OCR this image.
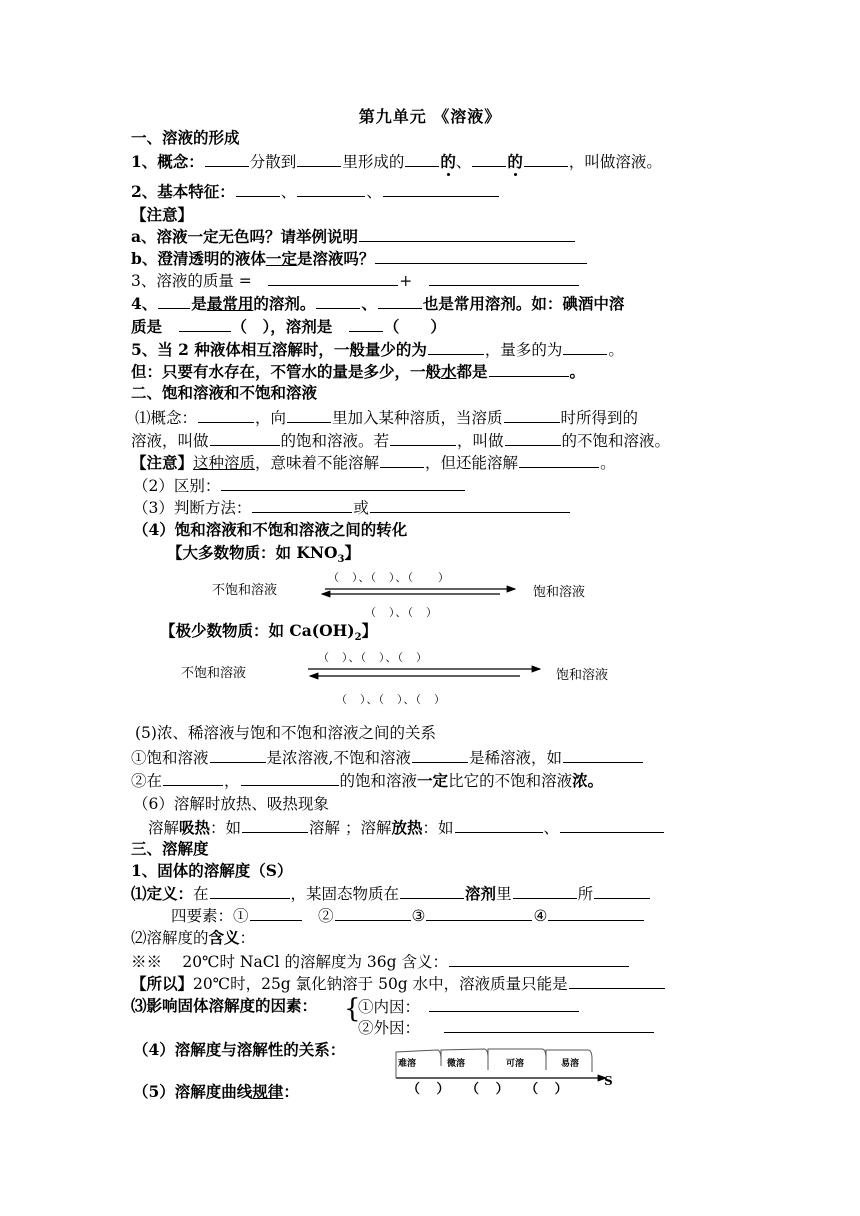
第九单元 《溶液》
一、溶液的形成
1、概念：	分散到	里形成的 的、 的	，叫做溶液。
2、基本特征：	、	、
【注意】
a、溶液一定无色吗？请举例说明
b、澄清透明的液体一定是溶液吗？
3、溶液的质量 =　	+　
4、 是最常用的溶剂。	、	也是常用溶剂。如：碘酒中溶
质是　	（　），溶剂是　	（　　）
5、当 2 种液体相互溶解时，一般量少的为	，量多的为	。
但：只要有水存在，不管水的量是多少，一般水都是	。
二、饱和溶液和不饱和溶液
⑴概念：	，向	里加入某种溶质，当溶质	时所得到的
溶液，叫做	的饱和溶液。若	，叫做	的不饱和溶液。
【注意】这种溶质，意味着不能溶解	，但还能溶解	。
（2）区别：
（3）判断方法：	或
（4）饱和溶液和不饱和溶液之间的转化
【大多数物质：如 $KNO_3$】
（　）、（　）、（　　）
不饱和溶液	饱和溶液
（　）、（　）
【极少数物质：如 $Ca(OH)_2$】
（　）、（　）、（　）
不饱和溶液	饱和溶液
（　）、（　）、（　）
(5)浓、稀溶液与饱和不饱和溶液之间的关系
①饱和溶液	是浓溶液,不饱和溶液	是稀溶液，如
②在	，	的饱和溶液一定比它的不饱和溶液浓。
（6）溶解时放热、吸热现象
溶解吸热：如	溶解 ；溶解放热：如	、
三、溶解度
1、固体的溶解度（S）
⑴定义：在	，某固态物质在	溶剂里	所
四要素：①　	②	③	④
⑵溶解度的含义：
※※　 20℃时 NaCl 的溶解度为 36g 含义：
【所以】20℃时，25g 氯化钠溶于 50g 水中，溶液质量只能是
⑶影响固体溶解度的因素： {
①内因：　
②外因：　　
（4）溶解度与溶解性的关系：
难溶	微溶	可溶	易溶
（ ） （ ） （ ）
S
（5）溶解度曲线规律：
